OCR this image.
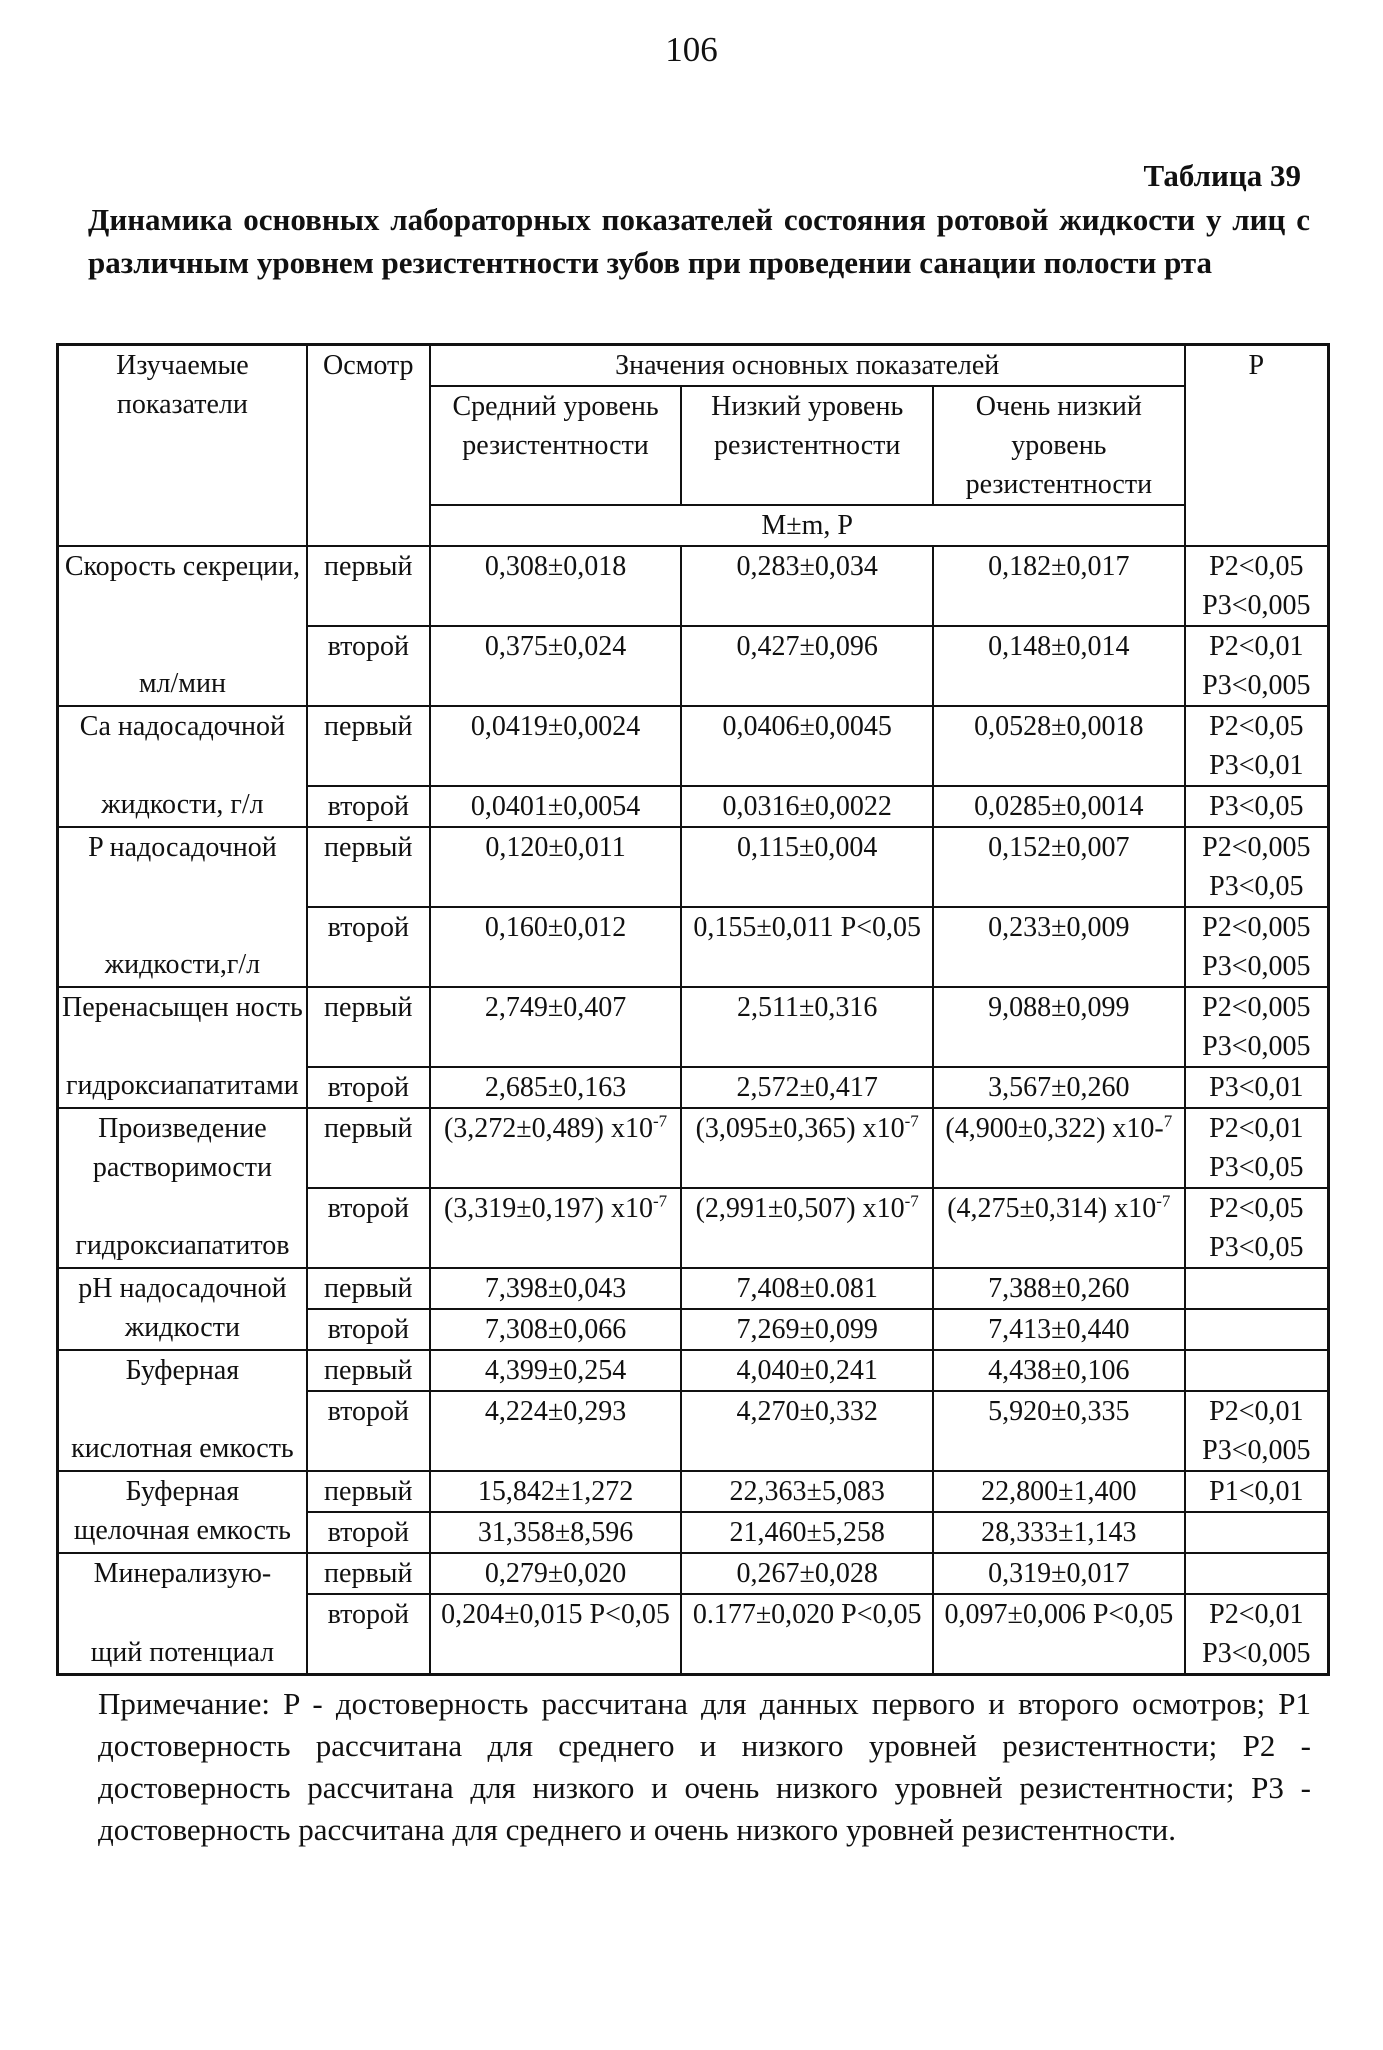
106
Таблица 39
Динамика основных лабораторных показателей состояния ротовой жидкости у лиц с различным уровнем резистентности зубов при проведении санации полости рта
Изучаемые показатели	Осмотр	Значения основных показателей			P
		Средний уровень резистентности	Низкий уровень резистентности	Очень низкий уровень резистентности	
		M±m, P			

Скорость секреции,
мл/мин	первый	0,308±0,018	0,283±0,034	0,182±0,017	P2<0,05 P3<0,005
	второй	0,375±0,024	0,427±0,096	0,148±0,014	P2<0,01 P3<0,005

Ca надосадочной
жидкости, г/л	первый	0,0419±0,0024	0,0406±0,0045	0,0528±0,0018	P2<0,05 P3<0,01
	второй	0,0401±0,0054	0,0316±0,0022	0,0285±0,0014	P3<0,05

P надосадочной
жидкости,г/л	первый	0,120±0,011	0,115±0,004	0,152±0,007	P2<0,005 P3<0,05
	второй	0,160±0,012	0,155±0,011 P<0,05	0,233±0,009	P2<0,005 P3<0,005

Перенасыщен ность
гидроксиапатитами	первый	2,749±0,407	2,511±0,316	9,088±0,099	P2<0,005 P3<0,005
	второй	2,685±0,163	2,572±0,417	3,567±0,260	P3<0,01

Произведение растворимости
гидроксиапатитов	первый	(3,272±0,489) $x10^{-7}$	(3,095±0,365) $x10^{-7}$	(4,900±0,322) x10-$^7$	P2<0,01 P3<0,05
	второй	(3,319±0,197) $x10^{-7}$	(2,991±0,507) $x10^{-7}$	(4,275±0,314) $x10^{-7}$	P2<0,05 P3<0,05

pH надосадочной
жидкости	первый	7,398±0,043	7,408±0.081	7,388±0,260	
	второй	7,308±0,066	7,269±0,099	7,413±0,440	

Буферная
кислотная емкость	первый	4,399±0,254	4,040±0,241	4,438±0,106	
	второй	4,224±0,293	4,270±0,332	5,920±0,335	P2<0,01 P3<0,005

Буферная
щелочная емкость	первый	15,842±1,272	22,363±5,083	22,800±1,400	P1<0,01
	второй	31,358±8,596	21,460±5,258	28,333±1,143	

Минерализую-
щий потенциал	первый	0,279±0,020	0,267±0,028	0,319±0,017	
	второй	0,204±0,015 P<0,05	0.177±0,020 P<0,05	0,097±0,006 P<0,05	P2<0,01 P3<0,005
Примечание: P - достоверность рассчитана для данных первого и второго осмотров; P1 достоверность рассчитана для среднего и низкого уровней резистентности; P2 - достоверность рассчитана для низкого и очень низкого уровней резистентности; P3 - достоверность рассчитана для среднего и очень низкого уровней резистентности.
